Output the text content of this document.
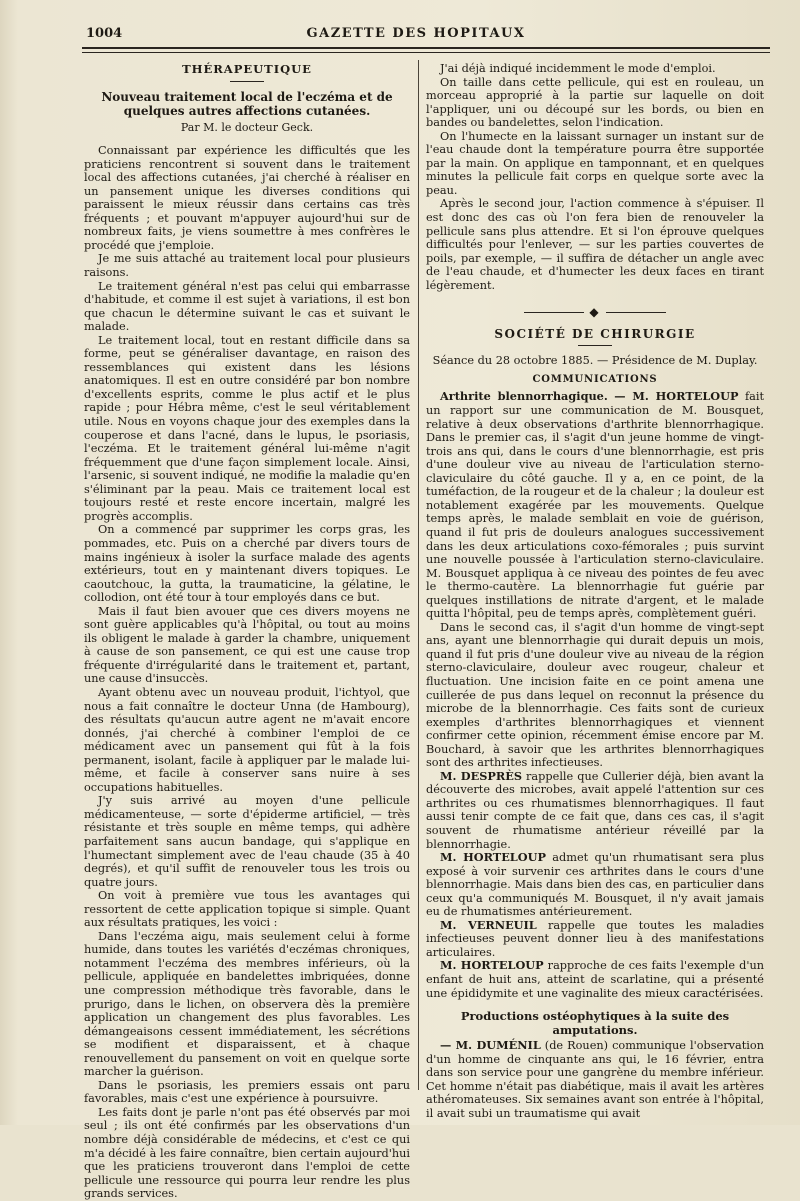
1004	GAZETTE DES HOPITAUX
THÉRAPEUTIQUE
Nouveau traitement local de l'eczéma et de quelques autres affections cutanées.
Par M. le docteur Geck.

Connaissant par expérience les difficultés que les praticiens rencontrent si souvent dans le traitement local des affections cutanées, j'ai cherché à réaliser en un pansement unique les diverses conditions qui paraissent le mieux réussir dans certains cas très fréquents ; et pouvant m'appuyer aujourd'hui sur de nombreux faits, je viens soumettre à mes confrères le procédé que j'emploie.

Je me suis attaché au traitement local pour plusieurs raisons.

Le traitement général n'est pas celui qui embarrasse d'habitude, et comme il est sujet à variations, il est bon que chacun le détermine suivant le cas et suivant le malade.

Le traitement local, tout en restant difficile dans sa forme, peut se généraliser davantage, en raison des ressemblances qui existent dans les lésions anatomiques. Il est en outre considéré par bon nombre d'excellents esprits, comme le plus actif et le plus rapide ; pour Hébra même, c'est le seul véritablement utile. Nous en voyons chaque jour des exemples dans la couperose et dans l'acné, dans le lupus, le psoriasis, l'eczéma. Et le traitement général lui-même n'agit fréquemment que d'une façon simplement locale. Ainsi, l'arsenic, si souvent indiqué, ne modifie la maladie qu'en s'éliminant par la peau. Mais ce traitement local est toujours resté et reste encore incertain, malgré les progrès accomplis.

On a commencé par supprimer les corps gras, les pommades, etc. Puis on a cherché par divers tours de mains ingénieux à isoler la surface malade des agents extérieurs, tout en y maintenant divers topiques. Le caoutchouc, la gutta, la traumaticine, la gélatine, le collodion, ont été tour à tour employés dans ce but.

Mais il faut bien avouer que ces divers moyens ne sont guère applicables qu'à l'hôpital, ou tout au moins ils obligent le malade à garder la chambre, uniquement à cause de son pansement, ce qui est une cause trop fréquente d'irrégularité dans le traitement et, partant, une cause d'insuccès.

Ayant obtenu avec un nouveau produit, l'ichtyol, que nous a fait connaître le docteur Unna (de Hambourg), des résultats qu'aucun autre agent ne m'avait encore donnés, j'ai cherché à combiner l'emploi de ce médicament avec un pansement qui fût à la fois permanent, isolant, facile à appliquer par le malade lui-même, et facile à conserver sans nuire à ses occupations habituelles.

J'y suis arrivé au moyen d'une pellicule médicamenteuse, — sorte d'épiderme artificiel, — très résistante et très souple en même temps, qui adhère parfaitement sans aucun bandage, qui s'applique en l'humectant simplement avec de l'eau chaude (35 à 40 degrés), et qu'il suffit de renouveler tous les trois ou quatre jours.

On voit à première vue tous les avantages qui ressortent de cette application topique si simple. Quant aux résultats pratiques, les voici :

Dans l'eczéma aigu, mais seulement celui à forme humide, dans toutes les variétés d'eczémas chroniques, notamment l'eczéma des membres inférieurs, où la pellicule, appliquée en bandelettes imbriquées, donne une compression méthodique très favorable, dans le prurigo, dans le lichen, on observera dès la première application un changement des plus favorables. Les démangeaisons cessent immédiatement, les sécrétions se modifient et disparaissent, et à chaque renouvellement du pansement on voit en quelque sorte marcher la guérison.

Dans le psoriasis, les premiers essais ont paru favorables, mais c'est une expérience à poursuivre.

Les faits dont je parle n'ont pas été observés par moi seul ; ils ont été confirmés par les observations d'un nombre déjà considérable de médecins, et c'est ce qui m'a décidé à les faire connaître, bien certain aujourd'hui que les praticiens trouveront dans l'emploi de cette pellicule une ressource qui pourra leur rendre les plus grands services.

J'ai déjà indiqué incidemment le mode d'emploi.

On taille dans cette pellicule, qui est en rouleau, un morceau approprié à la partie sur laquelle on doit l'appliquer, uni ou découpé sur les bords, ou bien en bandes ou bandelettes, selon l'indication.

On l'humecte en la laissant surnager un instant sur de l'eau chaude dont la température pourra être supportée par la main. On applique en tamponnant, et en quelques minutes la pellicule fait corps en quelque sorte avec la peau.

Après le second jour, l'action commence à s'épuiser. Il est donc des cas où l'on fera bien de renouveler la pellicule sans plus attendre. Et si l'on éprouve quelques difficultés pour l'enlever, — sur les parties couvertes de poils, par exemple, — il suffira de détacher un angle avec de l'eau chaude, et d'humecter les deux faces en tirant légèrement.

◆
SOCIÉTÉ DE CHIRURGIE
Séance du 28 octobre 1885. — Présidence de M. Duplay.
COMMUNICATIONS

Arthrite blennorrhagique. — M. HORTELOUP fait un rapport sur une communication de M. Bousquet, relative à deux observations d'arthrite blennorrhagique. Dans le premier cas, il s'agit d'un jeune homme de vingt-trois ans qui, dans le cours d'une blennorrhagie, est pris d'une douleur vive au niveau de l'articulation sterno-claviculaire du côté gauche. Il y a, en ce point, de la tuméfaction, de la rougeur et de la chaleur ; la douleur est notablement exagérée par les mouvements. Quelque temps après, le malade semblait en voie de guérison, quand il fut pris de douleurs analogues successivement dans les deux articulations coxo-fémorales ; puis survint une nouvelle poussée à l'articulation sterno-claviculaire. M. Bousquet appliqua à ce niveau des pointes de feu avec le thermo-cautère. La blennorrhagie fut guérie par quelques instillations de nitrate d'argent, et le malade quitta l'hôpital, peu de temps après, complètement guéri.

Dans le second cas, il s'agit d'un homme de vingt-sept ans, ayant une blennorrhagie qui durait depuis un mois, quand il fut pris d'une douleur vive au niveau de la région sterno-claviculaire, douleur avec rougeur, chaleur et fluctuation. Une incision faite en ce point amena une cuillerée de pus dans lequel on reconnut la présence du microbe de la blennorrhagie. Ces faits sont de curieux exemples d'arthrites blennorrhagiques et viennent confirmer cette opinion, récemment émise encore par M. Bouchard, à savoir que les arthrites blennorrhagiques sont des arthrites infectieuses.

M. DESPRÈS rappelle que Cullerier déjà, bien avant la découverte des microbes, avait appelé l'attention sur ces arthrites ou ces rhumatismes blennorrhagiques. Il faut aussi tenir compte de ce fait que, dans ces cas, il s'agit souvent de rhumatisme antérieur réveillé par la blennorrhagie.

M. HORTELOUP admet qu'un rhumatisant sera plus exposé à voir survenir ces arthrites dans le cours d'une blennorrhagie. Mais dans bien des cas, en particulier dans ceux qu'a communiqués M. Bousquet, il n'y avait jamais eu de rhumatismes antérieurement.

M. VERNEUIL rappelle que toutes les maladies infectieuses peuvent donner lieu à des manifestations articulaires.

M. HORTELOUP rapproche de ces faits l'exemple d'un enfant de huit ans, atteint de scarlatine, qui a présenté une épididymite et une vaginalite des mieux caractérisées.

Productions ostéophytiques à la suite des amputations.

— M. DUMÉNIL (de Rouen) communique l'observation d'un homme de cinquante ans qui, le 16 février, entra dans son service pour une gangrène du membre inférieur. Cet homme n'était pas diabétique, mais il avait les artères athéromateuses. Six semaines avant son entrée à l'hôpital, il avait subi un traumatisme qui avait
